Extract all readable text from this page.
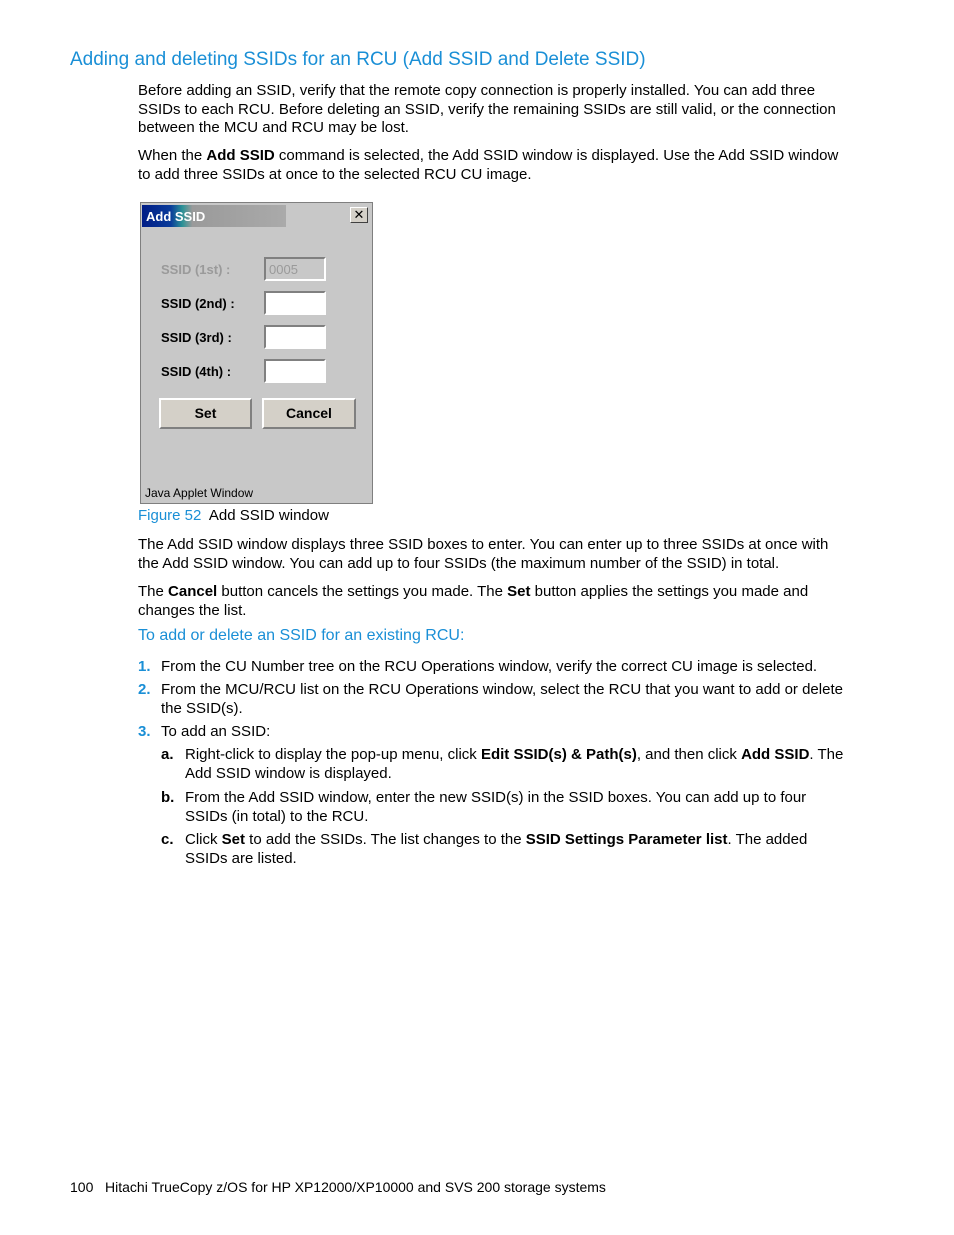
Adding and deleting SSIDs for an RCU (Add SSID and Delete SSID)
Before adding an SSID, verify that the remote copy connection is properly installed. You can add three SSIDs to each RCU. Before deleting an SSID, verify the remaining SSIDs are still valid, or the connection between the MCU and RCU may be lost.
When the Add SSID command is selected, the Add SSID window is displayed. Use the Add SSID window to add three SSIDs at once to the selected RCU CU image.
Add SSID	✕
SSID (1st) :
0005
SSID (2nd) :
SSID (3rd) :
SSID (4th) :
Set	Cancel
Java Applet Window
Figure 52 Add SSID window
The Add SSID window displays three SSID boxes to enter. You can enter up to three SSIDs at once with the Add SSID window. You can add up to four SSIDs (the maximum number of the SSID) in total.
The Cancel button cancels the settings you made. The Set button applies the settings you made and changes the list.
To add or delete an SSID for an existing RCU:
1. From the CU Number tree on the RCU Operations window, verify the correct CU image is selected.
2. From the MCU/RCU list on the RCU Operations window, select the RCU that you want to add or delete the SSID(s).
3. To add an SSID:
a. Right-click to display the pop-up menu, click Edit SSID(s) & Path(s), and then click Add SSID. The Add SSID window is displayed.
b. From the Add SSID window, enter the new SSID(s) in the SSID boxes. You can add up to four SSIDs (in total) to the RCU.
c. Click Set to add the SSIDs. The list changes to the SSID Settings Parameter list. The added SSIDs are listed.
100   Hitachi TrueCopy z/OS for HP XP12000/XP10000 and SVS 200 storage systems
